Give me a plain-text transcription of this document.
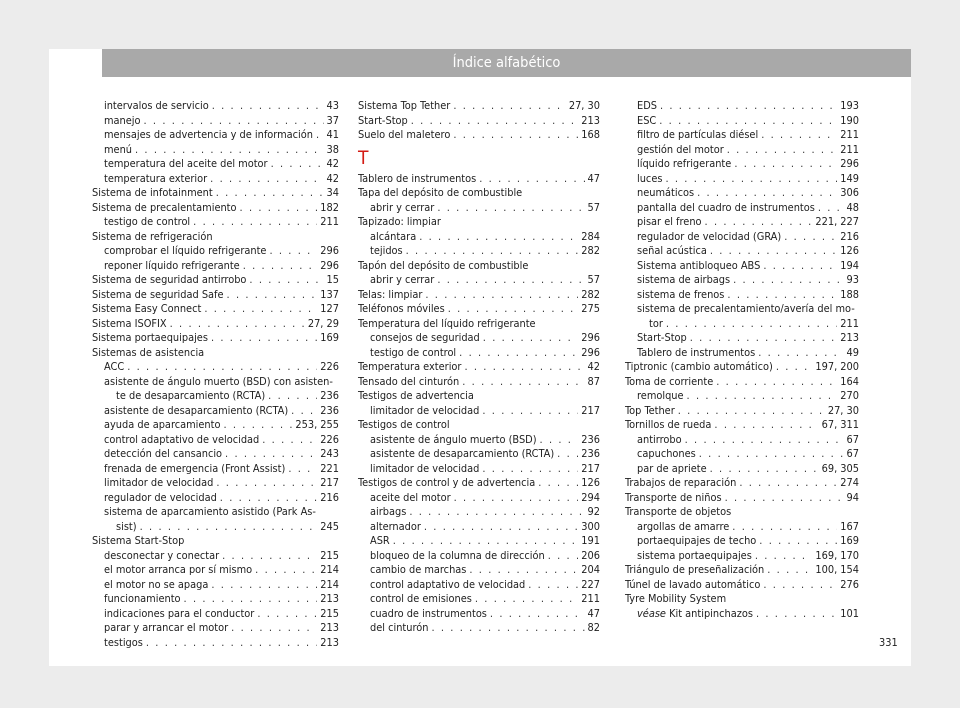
Índice alfabético
intervalos de servicio . . .	43
manejo . . .	37
mensajes de advertencia y de información . . . 41
menú . . .	38
temperatura del aceite del motor . . .	42
temperatura exterior . . .	42
Sistema de infotainment . . .	34
Sistema de precalentamiento . . .	182
testigo de control . . .	211
Sistema de refrigeración
comprobar el líquido refrigerante . . .	296
reponer líquido refrigerante . . .	296
Sistema de seguridad antirrobo . . .	15
Sistema de seguridad Safe . . .	137
Sistema Easy Connect . . .	127
Sistema ISOFIX . . .	27, 29
Sistema portaequipajes . . .	169
Sistemas de asistencia
ACC . . .	226
asistente de ángulo muerto (BSD) con asisten-
te de desaparcamiento (RCTA) . . .	236
asistente de desaparcamiento (RCTA) . . .	236
ayuda de aparcamiento . . .	253, 255
control adaptativo de velocidad . . .	226
detección del cansancio . . .	243
frenada de emergencia (Front Assist) . . .	221
limitador de velocidad . . .	217
regulador de velocidad . . .	216
sistema de aparcamiento asistido (Park As-
sist) . . .	245
Sistema Start-Stop
desconectar y conectar . . .	215
el motor arranca por sí mismo . . .	214
el motor no se apaga . . .	214
funcionamiento . . .	213
indicaciones para el conductor . . .	215
parar y arrancar el motor . . .	213
testigos . . .	213
Sistema Top Tether . . .	27, 30
Start-Stop . . .	213
Suelo del maletero . . .	168
T
Tablero de instrumentos . . .	47
Tapa del depósito de combustible
abrir y cerrar . . .	57
Tapizado: limpiar
alcántara . . .	284
tejidos . . .	282
Tapón del depósito de combustible
abrir y cerrar . . .	57
Telas: limpiar . . .	282
Teléfonos móviles . . .	275
Temperatura del líquido refrigerante
consejos de seguridad . . .	296
testigo de control . . .	296
Temperatura exterior . . .	42
Tensado del cinturón . . .	87
Testigos de advertencia
limitador de velocidad . . .	217
Testigos de control
asistente de ángulo muerto (BSD) . . .	236
asistente de desaparcamiento (RCTA) . . . 236
limitador de velocidad . . .	217
Testigos de control y de advertencia . . .	126
aceite del motor . . .	294
airbags . . .	92
alternador . . .	300
ASR . . .	191
bloqueo de la columna de dirección . . .	206
cambio de marchas . . .	204
control adaptativo de velocidad . . .	227
control de emisiones . . .	211
cuadro de instrumentos . . .	47
del cinturón . . .	82
EDS . . .	193
ESC . . .	190
filtro de partículas diésel . . .	211
gestión del motor . . .	211
líquido refrigerante . . .	296
luces . . .	149
neumáticos . . .	306
pantalla del cuadro de instrumentos . . .	48
pisar el freno . . .	221, 227
regulador de velocidad (GRA) . . .	216
señal acústica . . .	126
Sistema antibloqueo ABS . . .	194
sistema de airbags . . .	93
sistema de frenos . . .	188
sistema de precalentamiento/avería del mo-
tor . . .	211
Start-Stop . . .	213
Tablero de instrumentos . . .	49
Tiptronic (cambio automático) . . .	197, 200
Toma de corriente . . .	164
remolque . . .	270
Top Tether . . .	27, 30
Tornillos de rueda . . .	67, 311
antirrobo . . .	67
capuchones . . .	67
par de apriete . . .	69, 305
Trabajos de reparación . . .	274
Transporte de niños . . .	94
Transporte de objetos
argollas de amarre . . .	167
portaequipajes de techo . . .	169
sistema portaequipajes . . .	169, 170
Triángulo de preseñalización . . .	100, 154
Túnel de lavado automático . . .	276
Tyre Mobility System
véase Kit antipinchazos . . .	101
331
